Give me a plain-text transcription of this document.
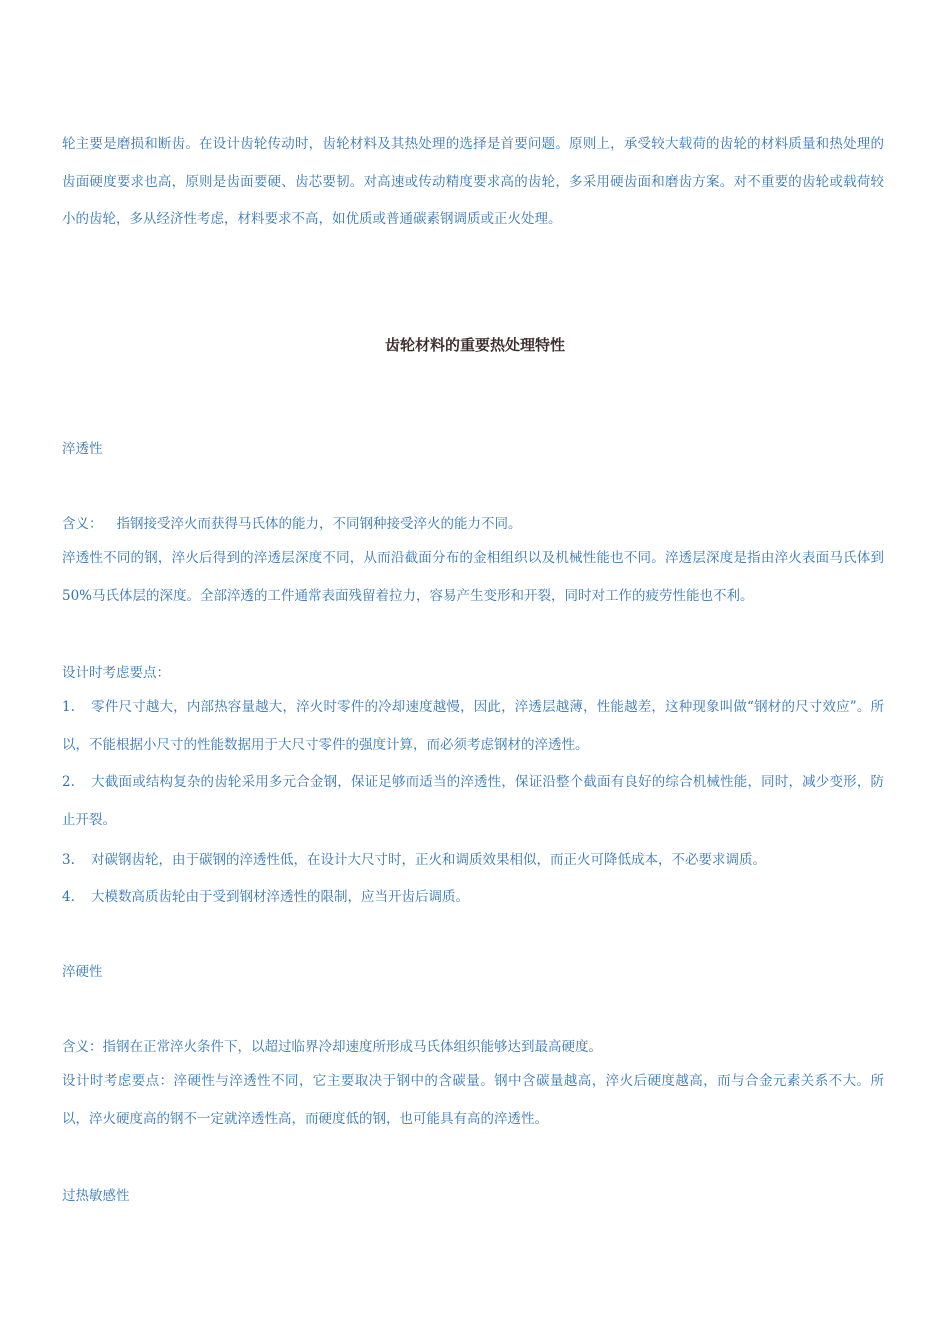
轮主要是磨损和断齿。在设计齿轮传动时，齿轮材料及其热处理的选择是首要问题。原则上，承受较大载荷的齿轮的材料质量和热处理的齿面硬度要求也高，原则是齿面要硬、齿芯要韧。对高速或传动精度要求高的齿轮，多采用硬齿面和磨齿方案。对不重要的齿轮或载荷较小的齿轮，多从经济性考虑，材料要求不高，如优质或普通碳素钢调质或正火处理。

齿轮材料的重要热处理特性

淬透性

含义： 指钢接受淬火而获得马氏体的能力，不同钢种接受淬火的能力不同。

淬透性不同的钢，淬火后得到的淬透层深度不同，从而沿截面分布的金相组织以及机械性能也不同。淬透层深度是指由淬火表面马氏体到50%马氏体层的深度。全部淬透的工件通常表面残留着拉力，容易产生变形和开裂，同时对工作的疲劳性能也不利。

设计时考虑要点：

1. 零件尺寸越大，内部热容量越大，淬火时零件的冷却速度越慢，因此，淬透层越薄，性能越差，这种现象叫做“钢材的尺寸效应”。所以，不能根据小尺寸的性能数据用于大尺寸零件的强度计算，而必须考虑钢材的淬透性。

2. 大截面或结构复杂的齿轮采用多元合金钢，保证足够而适当的淬透性，保证沿整个截面有良好的综合机械性能，同时，减少变形，防止开裂。

3. 对碳钢齿轮，由于碳钢的淬透性低，在设计大尺寸时，正火和调质效果相似，而正火可降低成本，不必要求调质。

4. 大模数高质齿轮由于受到钢材淬透性的限制，应当开齿后调质。

淬硬性

含义：指钢在正常淬火条件下，以超过临界冷却速度所形成马氏体组织能够达到最高硬度。

设计时考虑要点：淬硬性与淬透性不同，它主要取决于钢中的含碳量。钢中含碳量越高，淬火后硬度越高，而与合金元素关系不大。所以，淬火硬度高的钢不一定就淬透性高，而硬度低的钢，也可能具有高的淬透性。

过热敏感性
